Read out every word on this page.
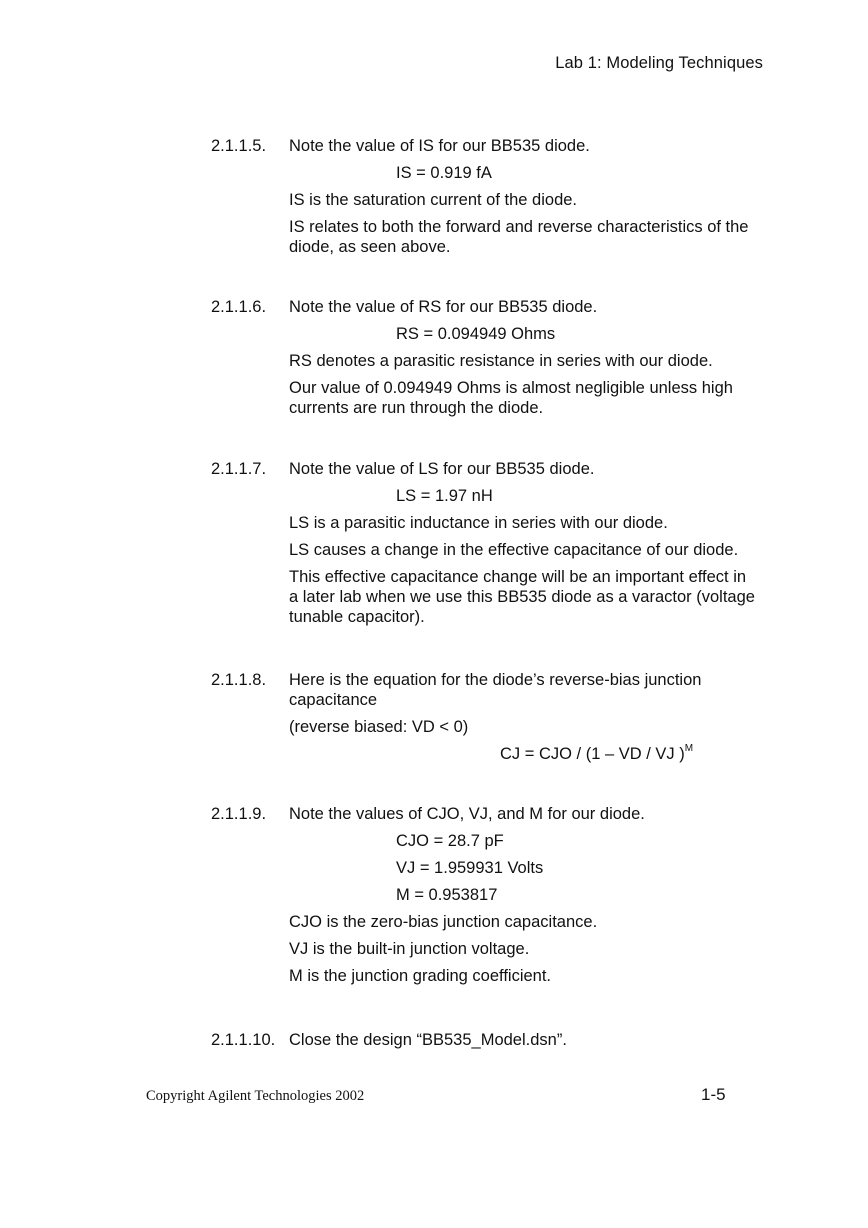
Lab 1: Modeling Techniques
2.1.1.5. Note the value of IS for our BB535 diode.

IS = 0.919 fA

IS is the saturation current of the diode.

IS relates to both the forward and reverse characteristics of the diode, as seen above.

2.1.1.6. Note the value of RS for our BB535 diode.

RS = 0.094949 Ohms

RS denotes a parasitic resistance in series with our diode.

Our value of 0.094949 Ohms is almost negligible unless high currents are run through the diode.

2.1.1.7. Note the value of LS for our BB535 diode.

LS = 1.97 nH

LS is a parasitic inductance in series with our diode.

LS causes a change in the effective capacitance of our diode.

This effective capacitance change will be an important effect in a later lab when we use this BB535 diode as a varactor (voltage tunable capacitor).

2.1.1.8. Here is the equation for the diode’s reverse-bias junction capacitance

(reverse biased: VD < 0)

CJ = CJO / (1 – VD / VJ )$^M$

2.1.1.9. Note the values of CJO, VJ, and M for our diode.

CJO = 28.7 pF

VJ = 1.959931 Volts

M = 0.953817

CJO is the zero-bias junction capacitance.

VJ is the built-in junction voltage.

M is the junction grading coefficient.

2.1.1.10. Close the design “BB535_Model.dsn”.

Copyright Agilent Technologies 2002	1-5
